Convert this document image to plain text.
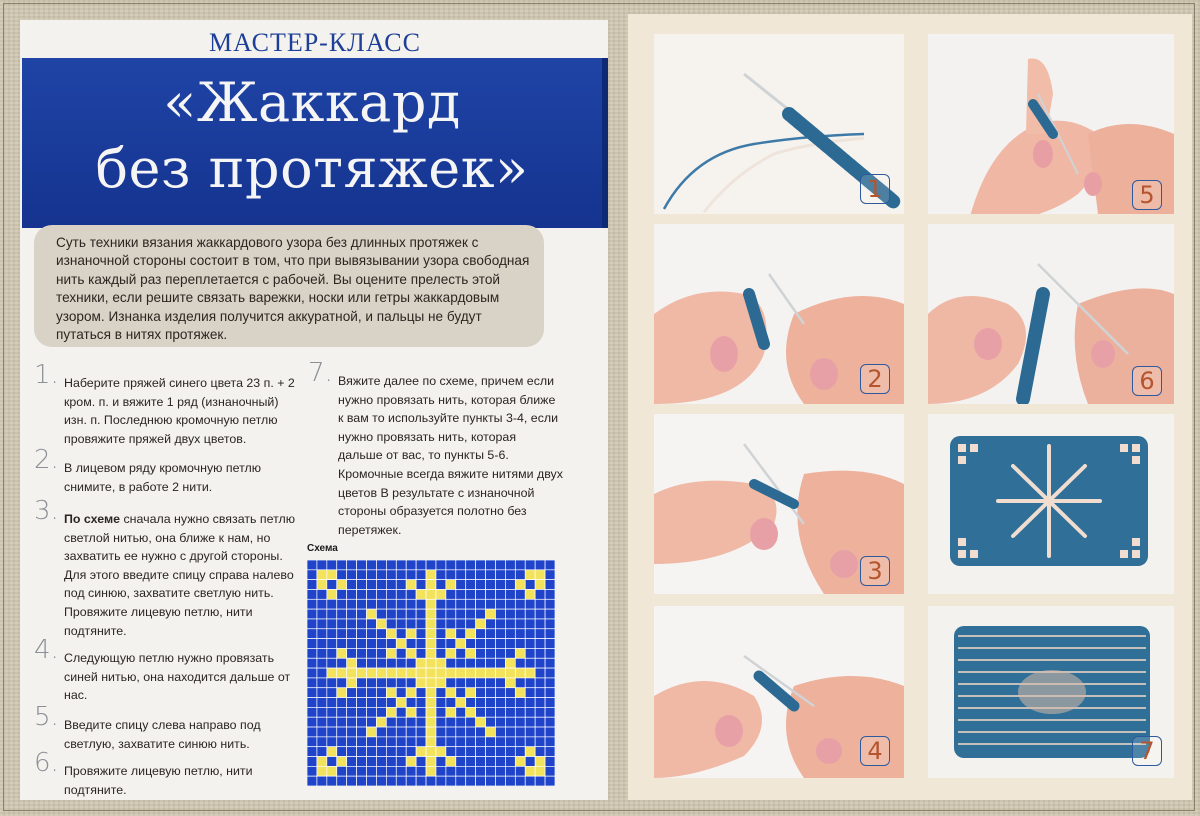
МАСТЕР-КЛАСС
«Жаккард
без протяжек»
Суть техники вязания жаккардового узора без длинных протяжек с изнаночной стороны состоит в том, что при вывязывании узора свободная нить каждый раз переплетается с рабочей. Вы оцените прелесть этой техники, если решите связать варежки, носки или гетры жаккардовым узором. Изнанка изделия получится аккуратной, и пальцы не будут путаться в нитях протяжек.
1. Наберите пряжей синего цвета 23 п. + 2 кром. п. и вяжите 1 ряд (изнаночный) изн. п. Последнюю кромочную петлю провяжите пряжей двух цветов.
2. В лицевом ряду кромочную петлю снимите, в работе 2 нити.
3. По схеме сначала нужно связать петлю светлой нитью, она ближе к нам, но захватить ее нужно с другой стороны. Для этого введите спицу справа налево под синюю, захватите светлую нить. Провяжите лицевую петлю, нити подтяните.
4. Следующую петлю нужно провязать синей нитью, она находится дальше от нас.
5. Введите спицу слева направо под светлую, захватите синюю нить.
6. Провяжите лицевую петлю, нити подтяните.
7. Вяжите далее по схеме, причем если нужно провязать нить, которая ближе к вам то используйте пункты 3-4, если нужно провязать нить, которая дальше от вас, то пункты 5-6. Кромочные всегда вяжите нитями двух цветов В результате с изнаночной стороны образуется полотно без перетяжек.
Схема
1	5
2	6
3
4	7
